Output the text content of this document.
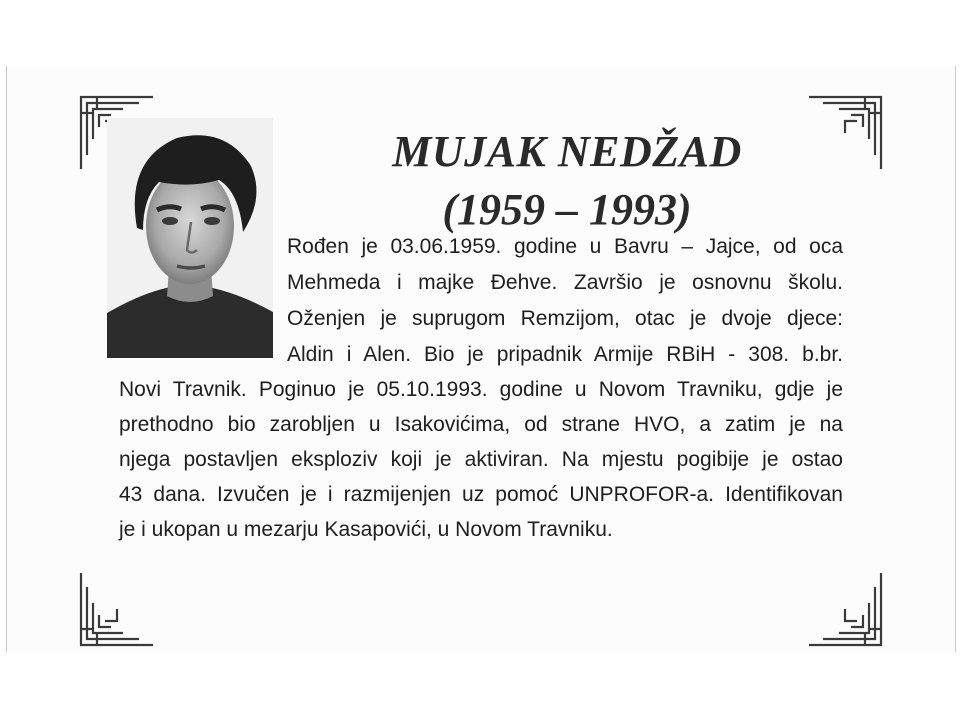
MUJAK NEDŽAD
(1959 – 1993)
Rođen je 03.06.1959. godine u Bavru – Jajce, od oca
Mehmeda i majke Đehve. Završio je osnovnu školu.
Oženjen je suprugom Remzijom, otac je dvoje djece:
Aldin i Alen. Bio je pripadnik Armije RBiH - 308. b.br.
Novi Travnik. Poginuo je 05.10.1993. godine u Novom Travniku, gdje je
prethodno bio zarobljen u Isakovićima, od strane HVO, a zatim je na
njega postavljen eksploziv koji je aktiviran. Na mjestu pogibije je ostao
43 dana. Izvučen je i razmijenjen uz pomoć UNPROFOR-a. Identifikovan
je i ukopan u mezarju Kasapovići, u Novom Travniku.
